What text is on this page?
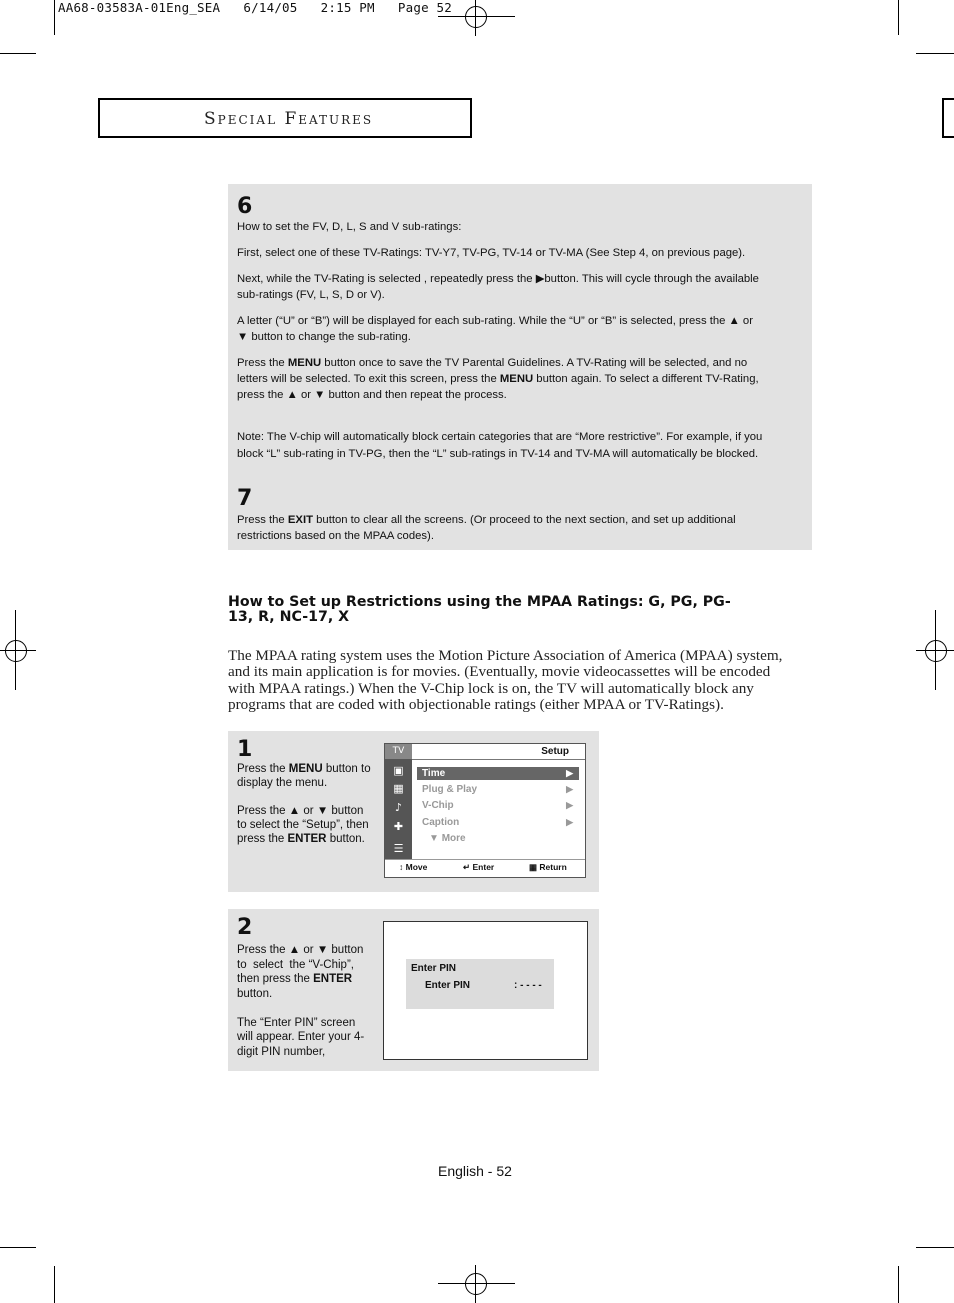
AA68-03583A-01Eng_SEA   6/14/05   2:15 PM   Page 52
Special Features
6
How to set the FV, D, L, S and V sub-ratings:
First, select one of these TV-Ratings: TV-Y7, TV-PG, TV-14 or TV-MA (See Step 4, on previous page).
Next, while the TV-Rating is selected , repeatedly press the ▶button. This will cycle through the available
sub-ratings (FV, L, S, D or V).
A letter (“U” or “B”) will be displayed for each sub-rating. While the “U” or “B” is selected, press the ▲ or
▼ button to change the sub-rating.
Press the MENU button once to save the TV Parental Guidelines. A TV-Rating will be selected, and no
letters will be selected. To exit this screen, press the MENU button again. To select a different TV-Rating,
press the ▲ or ▼ button and then repeat the process.
Note: The V-chip will automatically block certain categories that are “More restrictive”. For example, if you
block “L” sub-rating in TV-PG, then the “L” sub-ratings in TV-14 and TV-MA will automatically be blocked.
7
Press the EXIT button to clear all the screens. (Or proceed to the next section, and set up additional
restrictions based on the MPAA codes).
How to Set up Restrictions using the MPAA Ratings: G, PG, PG-
13, R, NC-17, X
The MPAA rating system uses the Motion Picture Association of America (MPAA) system,
and its main application is for movies. (Eventually, movie videocassettes will be encoded
with MPAA ratings.) When the V-Chip lock is on, the TV will automatically block any
programs that are coded with objectionable ratings (either MPAA or TV-Ratings).
1
Press the MENU button to
display the menu.
Press the ▲ or ▼ button
to select the “Setup”, then
press the ENTER button.
TV
▣
▦
♪
✚
☰
Setup
Time	▶
Plug & Play	▶
V-Chip	▶
Caption	▶
▼ More
↕ Move	↵ Enter	▦ Return
2
Press the ▲ or ▼ button
to  select  the “V-Chip”,
then press the ENTER
button.
The “Enter PIN” screen
will appear. Enter your 4-
digit PIN number,
Enter PIN
Enter PIN	: - - - -
English - 52
